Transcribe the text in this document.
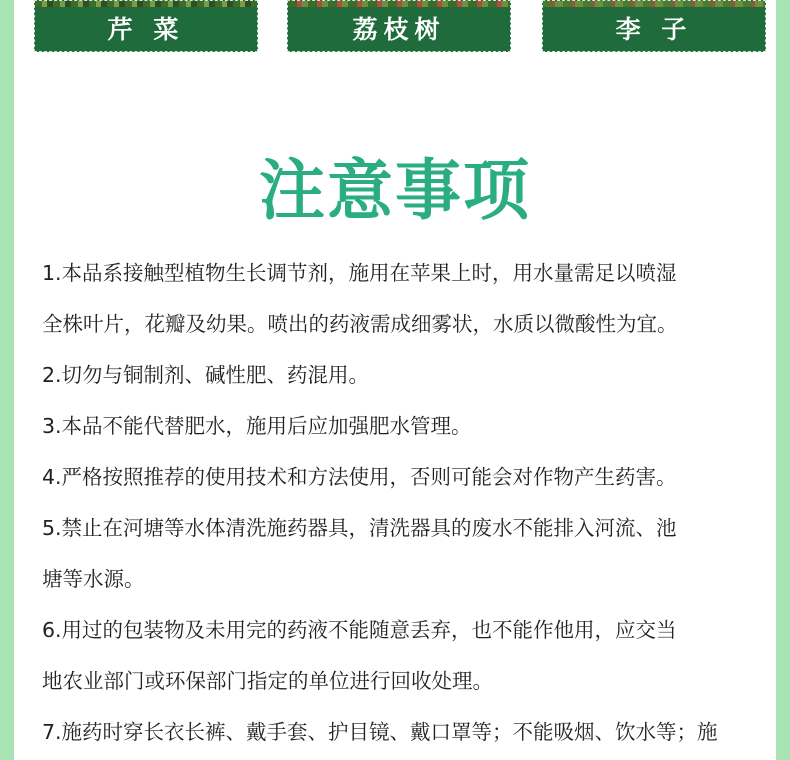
芹 菜	荔枝树	李 子
注意事项
1.本品系接触型植物生长调节剂，施用在苹果上时，用水量需足以喷湿
全株叶片，花瓣及幼果。喷出的药液需成细雾状，水质以微酸性为宜。
2.切勿与铜制剂、碱性肥、药混用。
3.本品不能代替肥水，施用后应加强肥水管理。
4.严格按照推荐的使用技术和方法使用，否则可能会对作物产生药害。
5.禁止在河塘等水体清洗施药器具，清洗器具的废水不能排入河流、池
塘等水源。
6.用过的包装物及未用完的药液不能随意丢弃，也不能作他用，应交当
地农业部门或环保部门指定的单位进行回收处理。
7.施药时穿长衣长裤、戴手套、护目镜、戴口罩等；不能吸烟、饮水等；施
